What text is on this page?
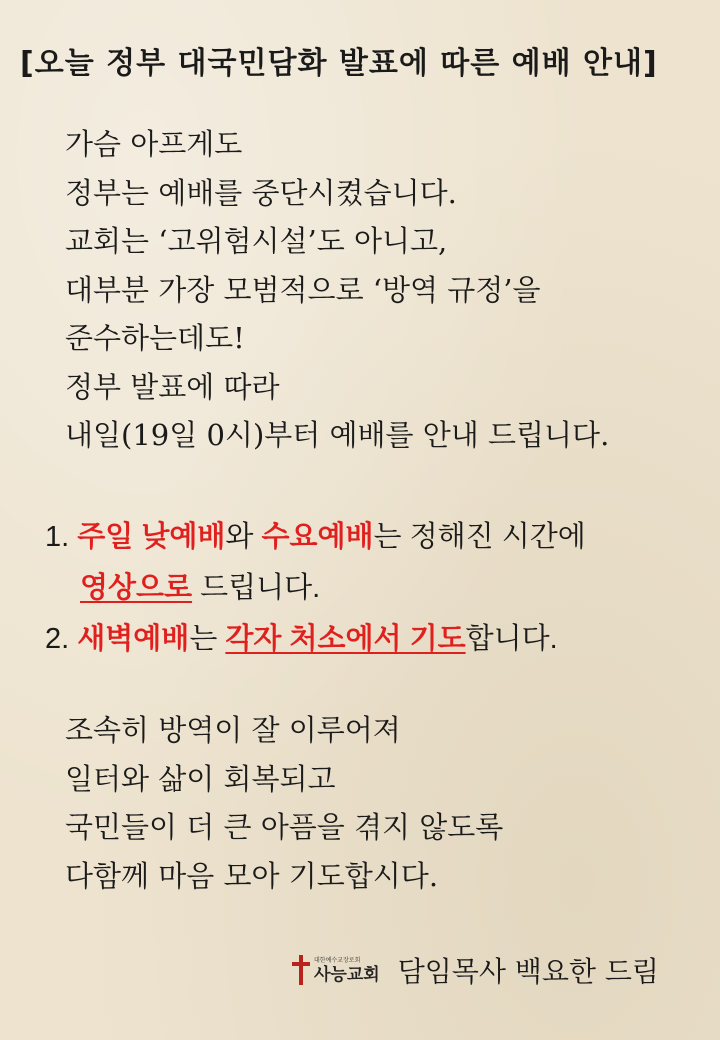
[오늘 정부 대국민담화 발표에 따른 예배 안내]
가슴 아프게도
정부는 예배를 중단시켰습니다.
교회는 ‘고위험시설’도 아니고,
대부분 가장 모범적으로 ‘방역 규정’을
준수하는데도!
정부 발표에 따라
내일(19일 0시)부터 예배를 안내 드립니다.
1. 주일 낮예배와 수요예배는 정해진 시간에
영상으로 드립니다.
2. 새벽예배는 각자 처소에서 기도합니다.
조속히 방역이 잘 이루어져
일터와 삶이 회복되고
국민들이 더 큰 아픔을 겪지 않도록
다함께 마음 모아 기도합시다.
대한예수교장로회
사능교회 담임목사 백요한 드림
